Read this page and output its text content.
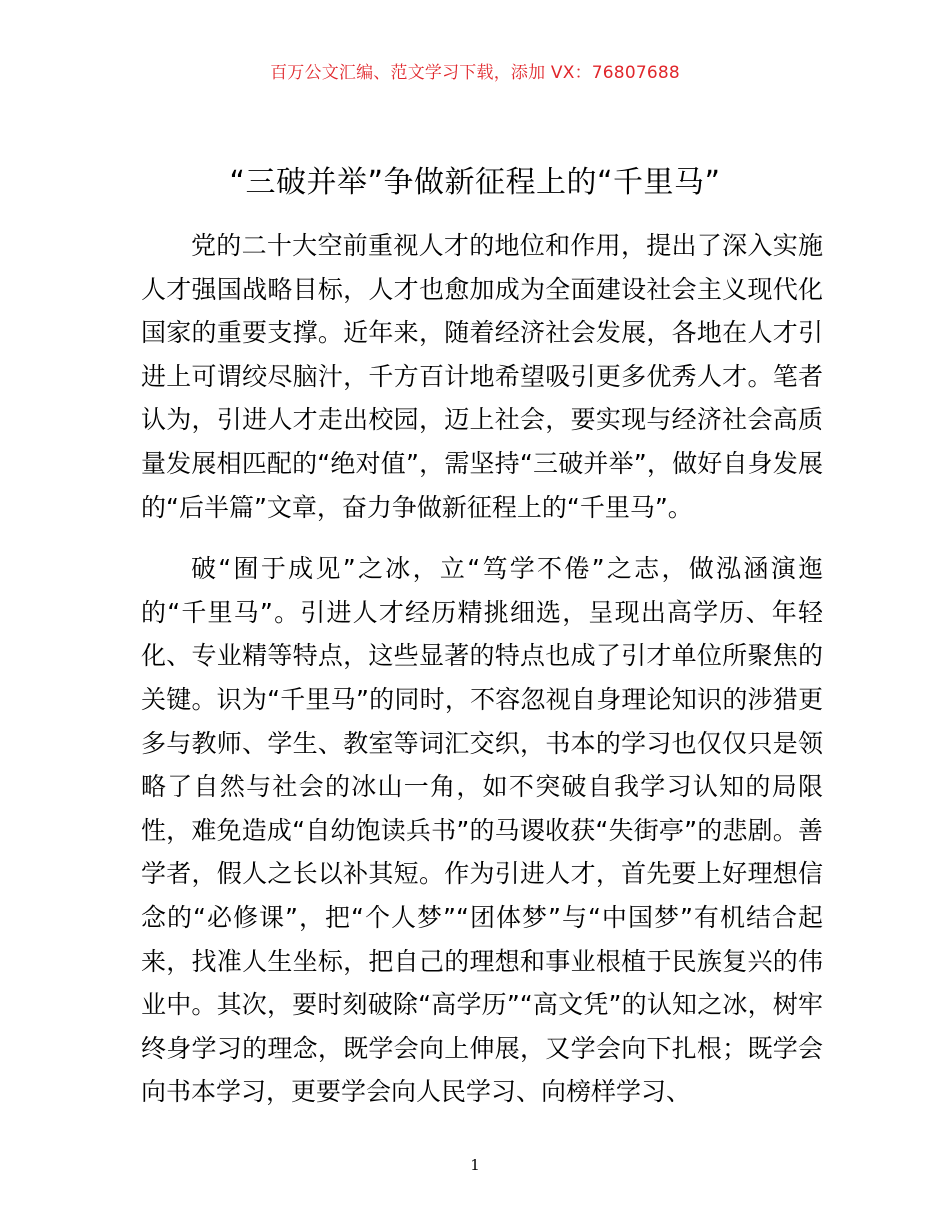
百万公文汇编、范文学习下载，添加 VX：76807688
“三破并举”争做新征程上的“千里马”

党的二十大空前重视人才的地位和作用，提出了深入实施人才强国战略目标，人才也愈加成为全面建设社会主义现代化国家的重要支撑。近年来，随着经济社会发展，各地在人才引进上可谓绞尽脑汁，千方百计地希望吸引更多优秀人才。笔者认为，引进人才走出校园，迈上社会，要实现与经济社会高质量发展相匹配的“绝对值”，需坚持“三破并举”，做好自身发展的“后半篇”文章，奋力争做新征程上的“千里马”。

破“囿于成见”之冰，立“笃学不倦”之志，做泓涵演迤的“千里马”。引进人才经历精挑细选，呈现出高学历、年轻化、专业精等特点，这些显著的特点也成了引才单位所聚焦的关键。识为“千里马”的同时，不容忽视自身理论知识的涉猎更多与教师、学生、教室等词汇交织，书本的学习也仅仅只是领略了自然与社会的冰山一角，如不突破自我学习认知的局限性，难免造成“自幼饱读兵书”的马谡收获“失街亭”的悲剧。善学者，假人之长以补其短。作为引进人才，首先要上好理想信念的“必修课”，把“个人梦”“团体梦”与“中国梦”有机结合起来，找准人生坐标，把自己的理想和事业根植于民族复兴的伟业中。其次，要时刻破除“高学历”“高文凭”的认知之冰，树牢终身学习的理念，既学会向上伸展，又学会向下扎根；既学会向书本学习，更要学会向人民学习、向榜样学习、

1
